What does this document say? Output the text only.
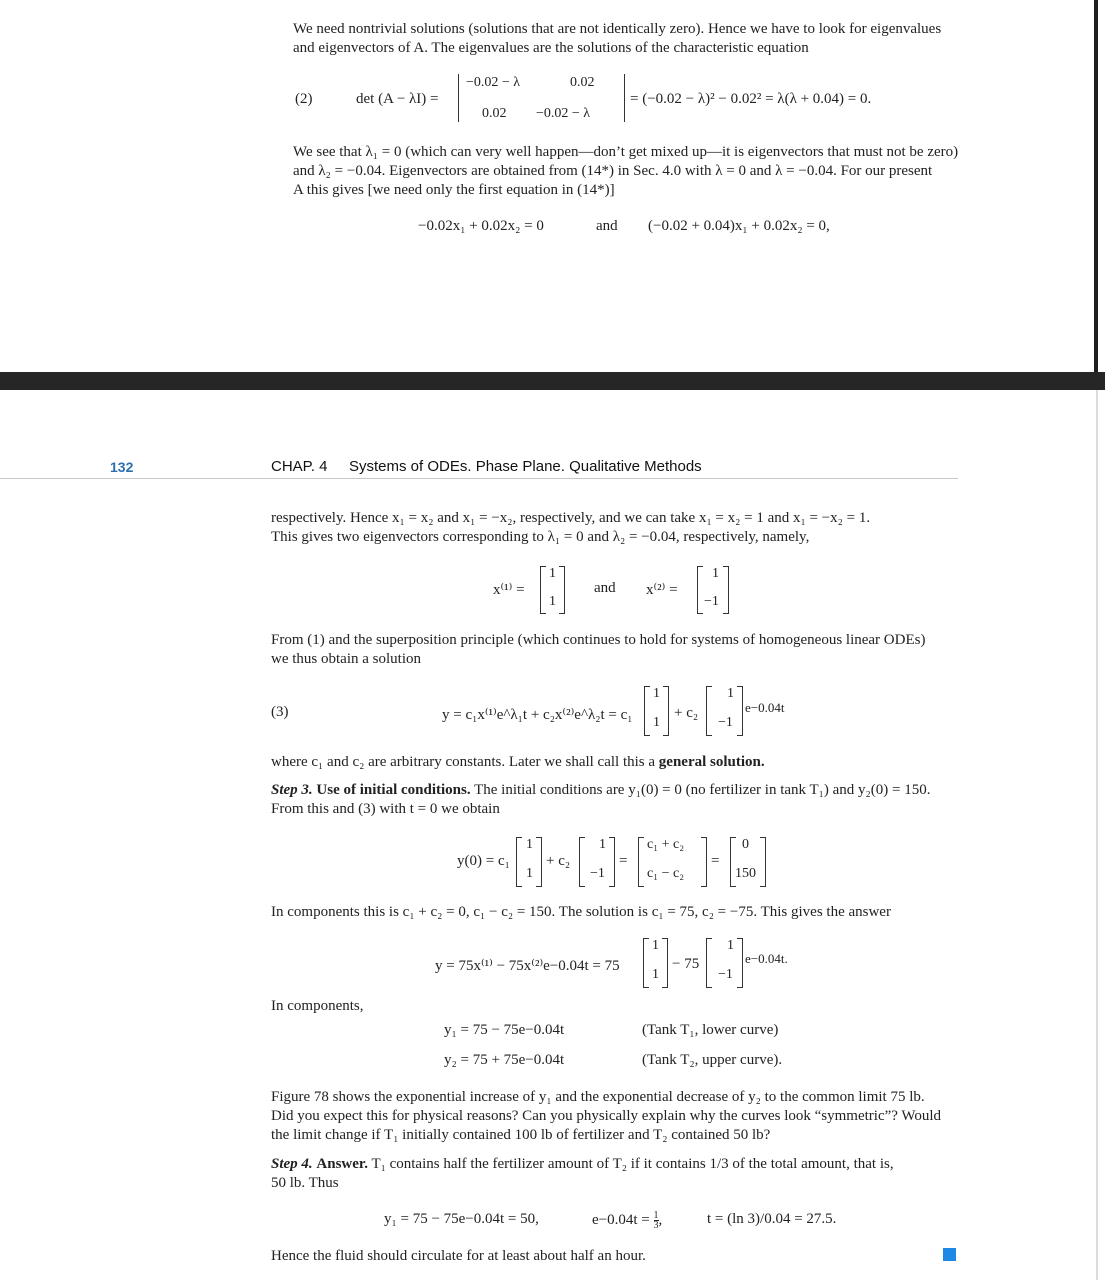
We need nontrivial solutions (solutions that are not identically zero). Hence we have to look for eigenvalues
and eigenvectors of A. The eigenvalues are the solutions of the characteristic equation
(2)	det (A − λI) =
−0.02 − λ	0.02
0.02 −0.02 − λ
= (−0.02 − λ)² − 0.02² = λ(λ + 0.04) = 0.
We see that λ₁ = 0 (which can very well happen—don’t get mixed up—it is eigenvectors that must not be zero)
and λ₂ = −0.04. Eigenvectors are obtained from (14*) in Sec. 4.0 with λ = 0 and λ = −0.04. For our present
A this gives [we need only the first equation in (14*)]
−0.02x₁ + 0.02x₂ = 0	and (−0.02 + 0.04)x₁ + 0.02x₂ = 0,
132	CHAP. 4 Systems of ODEs. Phase Plane. Qualitative Methods
respectively. Hence x₁ = x₂ and x₁ = −x₂, respectively, and we can take x₁ = x₂ = 1 and x₁ = −x₂ = 1.
This gives two eigenvectors corresponding to λ₁ = 0 and λ₂ = −0.04, respectively, namely,
x⁽¹⁾ =
1
1
and x⁽²⁾ =
1
−1
From (1) and the superposition principle (which continues to hold for systems of homogeneous linear ODEs)
we thus obtain a solution
(3)	y = c₁x⁽¹⁾e^λ₁t + c₂x⁽²⁾e^λ₂t = c₁
1
1
+ c₂
1
−1
e−0.04t
where c₁ and c₂ are arbitrary constants. Later we shall call this a general solution.
Step 3. Use of initial conditions. The initial conditions are y₁(0) = 0 (no fertilizer in tank T₁) and y₂(0) = 150.
From this and (3) with t = 0 we obtain
y(0) = c₁
1
1
+ c₂
1
−1
=
c₁ + c₂
c₁ − c₂
=
0
150
In components this is c₁ + c₂ = 0, c₁ − c₂ = 150. The solution is c₁ = 75, c₂ = −75. This gives the answer
y = 75x⁽¹⁾ − 75x⁽²⁾e−0.04t = 75
1
1
− 75
1
−1
e−0.04t.
In components,
y₁ = 75 − 75e−0.04t	(Tank T₁, lower curve)
y₂ = 75 + 75e−0.04t	(Tank T₂, upper curve).
Figure 78 shows the exponential increase of y₁ and the exponential decrease of y₂ to the common limit 75 lb.
Did you expect this for physical reasons? Can you physically explain why the curves look “symmetric”? Would
the limit change if T₁ initially contained 100 lb of fertilizer and T₂ contained 50 lb?
Step 4. Answer. T₁ contains half the fertilizer amount of T₂ if it contains 1/3 of the total amount, that is,
50 lb. Thus
y₁ = 75 − 75e−0.04t = 50,	$e-0.04t = \frac{1}{3}$ ,	t = (ln 3)/0.04 = 27.5.
Hence the fluid should circulate for at least about half an hour.
